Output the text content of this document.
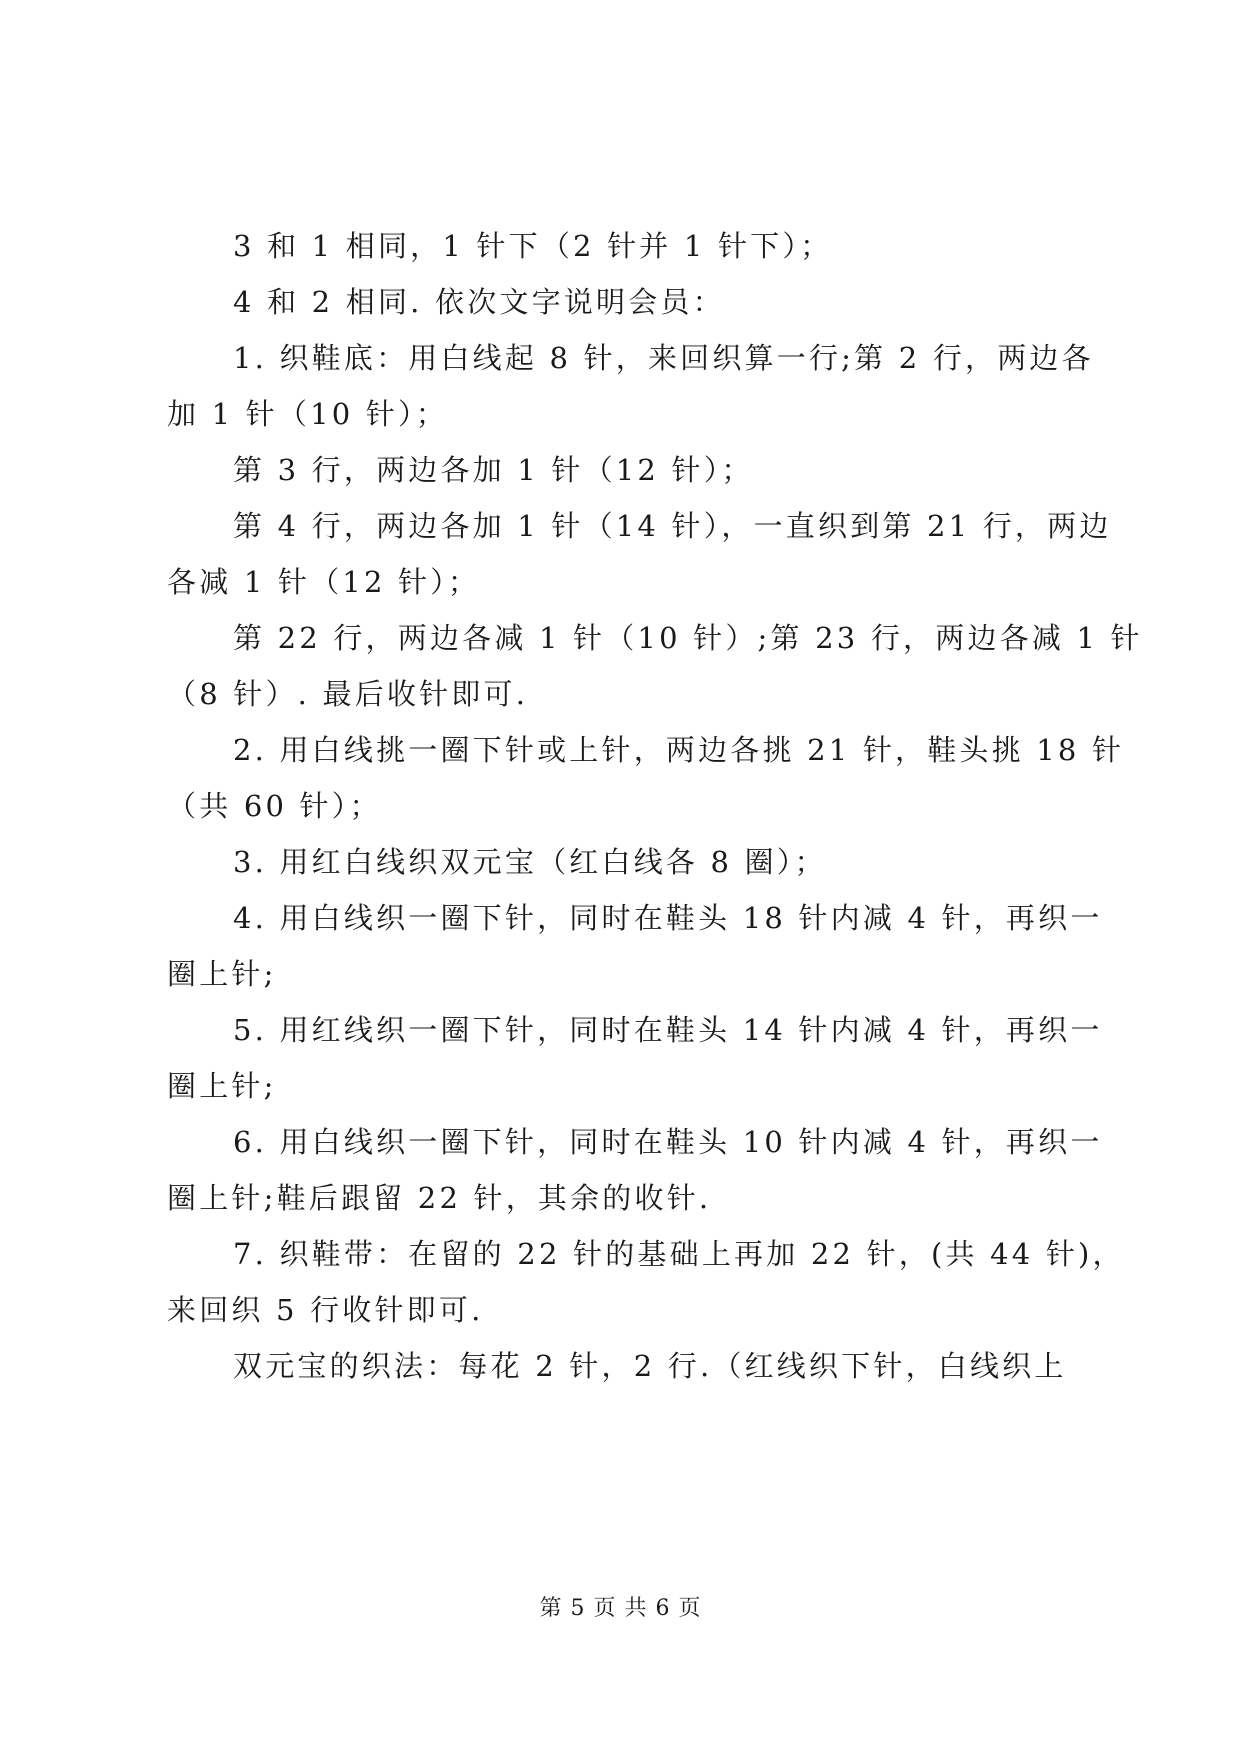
3 和 1 相同，1 针下（2 针并 1 针下）；
4 和 2 相同. 依次文字说明会员：
1. 织鞋底：用白线起 8 针，来回织算一行;第 2 行，两边各
加 1 针（10 针）；
第 3 行，两边各加 1 针（12 针）；
第 4 行，两边各加 1 针（14 针），一直织到第 21 行，两边
各减 1 针（12 针）；
第 22 行，两边各减 1 针（10 针）;第 23 行，两边各减 1 针
（8 针）. 最后收针即可.
2. 用白线挑一圈下针或上针，两边各挑 21 针，鞋头挑 18 针
（共 60 针）；
3. 用红白线织双元宝（红白线各 8 圈）；
4. 用白线织一圈下针，同时在鞋头 18 针内减 4 针，再织一
圈上针;
5. 用红线织一圈下针，同时在鞋头 14 针内减 4 针，再织一
圈上针;
6. 用白线织一圈下针，同时在鞋头 10 针内减 4 针，再织一
圈上针;鞋后跟留 22 针，其余的收针.
7. 织鞋带：在留的 22 针的基础上再加 22 针，(共 44 针)，
来回织 5 行收针即可.
双元宝的织法：每花 2 针，2 行.（红线织下针，白线织上
第 5 页 共 6 页
